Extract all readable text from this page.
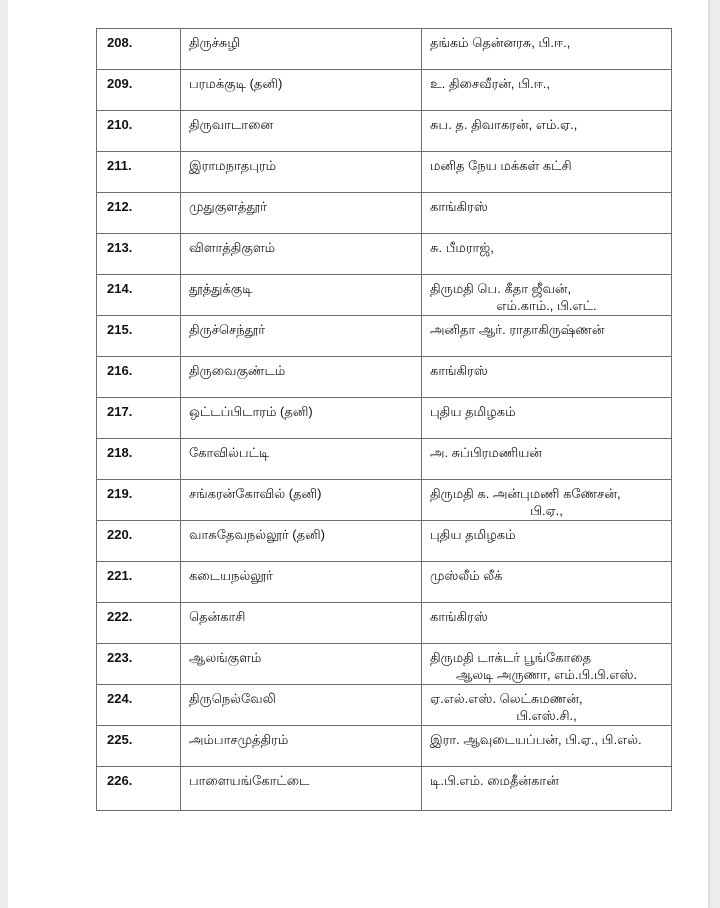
208.	திருச்சுழி	தங்கம் தென்னரசு, பி.ஈ.,

209.	பரமக்குடி (தனி)	உ. திசைவீரன், பி.ஈ.,

210.	திருவாடானை	சுப. த. திவாகரன், எம்.ஏ.,

211.	இராமநாதபுரம்	மனித நேய மக்கள் கட்சி

212.	முதுகுளத்தூர்	காங்கிரஸ்

213.	விளாத்திகுளம்	சு. பீமராஜ்,

214.	தூத்துக்குடி	திருமதி பெ. கீதா ஜீவன்,
எம்.காம்., பி.எட்.

215.	திருச்செந்தூர்	அனிதா ஆர். ராதாகிருஷ்ணன்

216.	திருவைகுண்டம்	காங்கிரஸ்

217.	ஒட்டப்பிடாரம் (தனி)	புதிய தமிழகம்

218.	கோவில்பட்டி	அ. சுப்பிரமணியன்

219.	சங்கரன்கோவில் (தனி)	திருமதி க. அன்புமணி கணேசன்,
பி.ஏ.,

220.	வாசுதேவநல்லூர் (தனி)	புதிய தமிழகம்

221.	கடையநல்லூர்	முஸ்லீம் லீக்

222.	தென்காசி	காங்கிரஸ்

223.	ஆலங்குளம்	திருமதி டாக்டர் பூங்கோதை
ஆலடி அருணா, எம்.பி.பி.எஸ்.

224.	திருநெல்வேலி	ஏ.எல்.எஸ். லெட்சுமணன்,
பி.எஸ்.சி.,

225.	அம்பாசமுத்திரம்	இரா. ஆவுடையப்பன், பி.ஏ., பி.எல்.

226.	பாளையங்கோட்டை	டி.பி.எம். மைதீன்கான்
